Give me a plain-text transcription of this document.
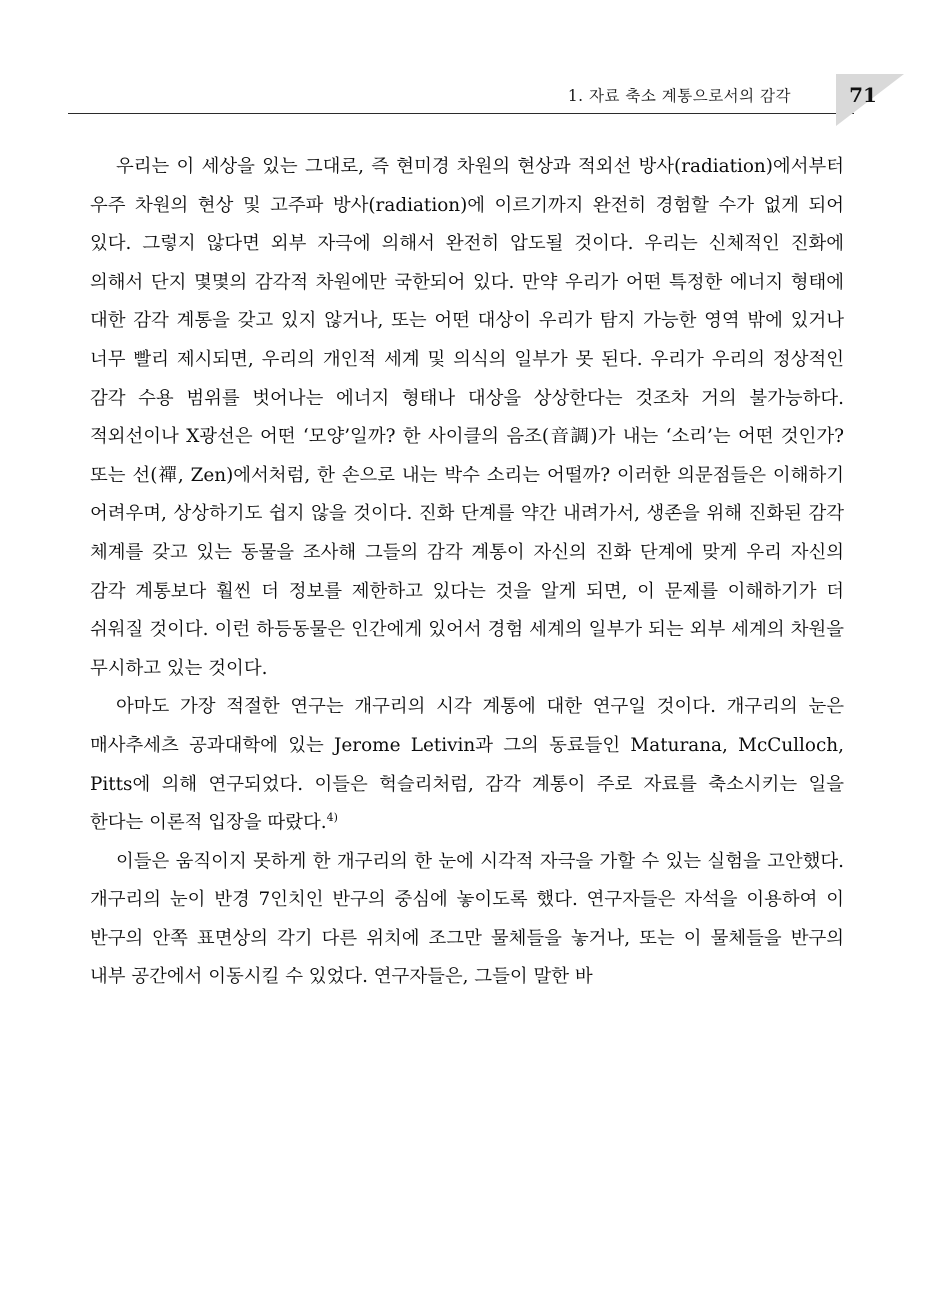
1. 자료 축소 계통으로서의 감각	71

우리는 이 세상을 있는 그대로, 즉 현미경 차원의 현상과 적외선 방사(radiation)에서부터 우주 차원의 현상 및 고주파 방사(radiation)에 이르기까지 완전히 경험할 수가 없게 되어 있다. 그렇지 않다면 외부 자극에 의해서 완전히 압도될 것이다. 우리는 신체적인 진화에 의해서 단지 몇몇의 감각적 차원에만 국한되어 있다. 만약 우리가 어떤 특정한 에너지 형태에 대한 감각 계통을 갖고 있지 않거나, 또는 어떤 대상이 우리가 탐지 가능한 영역 밖에 있거나 너무 빨리 제시되면, 우리의 개인적 세계 및 의식의 일부가 못 된다. 우리가 우리의 정상적인 감각 수용 범위를 벗어나는 에너지 형태나 대상을 상상한다는 것조차 거의 불가능하다. 적외선이나 X광선은 어떤 ‘모양’일까? 한 사이클의 음조(音調)가 내는 ‘소리’는 어떤 것인가? 또는 선(禪, Zen)에서처럼, 한 손으로 내는 박수 소리는 어떨까? 이러한 의문점들은 이해하기 어려우며, 상상하기도 쉽지 않을 것이다. 진화 단계를 약간 내려가서, 생존을 위해 진화된 감각 체계를 갖고 있는 동물을 조사해 그들의 감각 계통이 자신의 진화 단계에 맞게 우리 자신의 감각 계통보다 훨씬 더 정보를 제한하고 있다는 것을 알게 되면, 이 문제를 이해하기가 더 쉬워질 것이다. 이런 하등동물은 인간에게 있어서 경험 세계의 일부가 되는 외부 세계의 차원을 무시하고 있는 것이다.

아마도 가장 적절한 연구는 개구리의 시각 계통에 대한 연구일 것이다. 개구리의 눈은 매사추세츠 공과대학에 있는 Jerome Letivin과 그의 동료들인 Maturana, McCulloch, Pitts에 의해 연구되었다. 이들은 헉슬리처럼, 감각 계통이 주로 자료를 축소시키는 일을 한다는 이론적 입장을 따랐다.$^{4)}$

이들은 움직이지 못하게 한 개구리의 한 눈에 시각적 자극을 가할 수 있는 실험을 고안했다. 개구리의 눈이 반경 7인치인 반구의 중심에 놓이도록 했다. 연구자들은 자석을 이용하여 이 반구의 안쪽 표면상의 각기 다른 위치에 조그만 물체들을 놓거나, 또는 이 물체들을 반구의 내부 공간에서 이동시킬 수 있었다. 연구자들은, 그들이 말한 바
